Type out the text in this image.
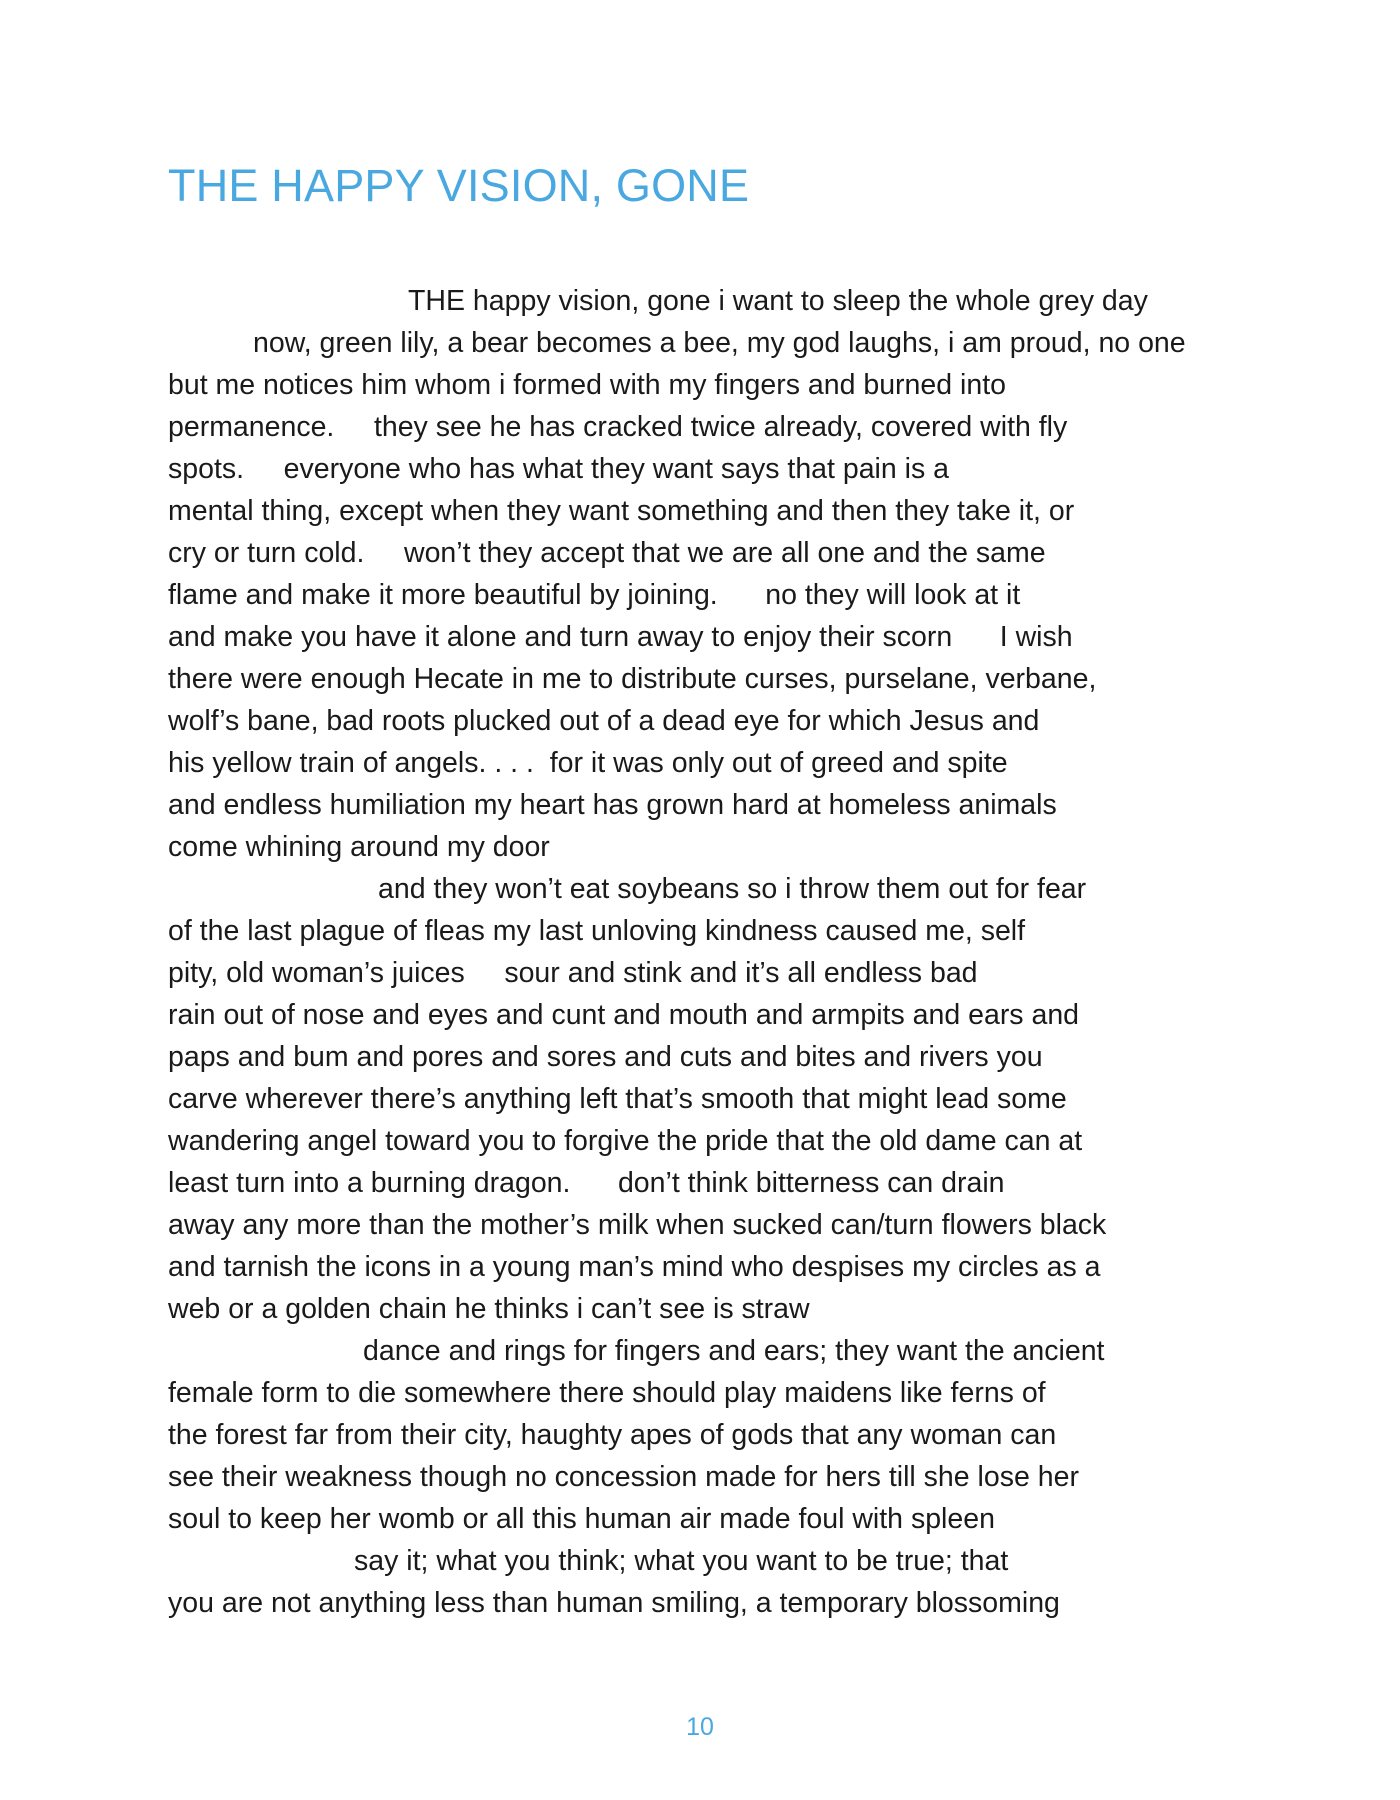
THE HAPPY VISION, GONE
THE happy vision, gone i want to sleep the whole grey day
now, green lily, a bear becomes a bee, my god laughs, i am proud, no one
but me notices him whom i formed with my fingers and burned into
permanence.     they see he has cracked twice already, covered with fly
spots.     everyone who has what they want says that pain is a
mental thing, except when they want something and then they take it, or
cry or turn cold.     won’t they accept that we are all one and the same
flame and make it more beautiful by joining.      no they will look at it
and make you have it alone and turn away to enjoy their scorn      I wish
there were enough Hecate in me to distribute curses, purselane, verbane,
wolf’s bane, bad roots plucked out of a dead eye for which Jesus and
his yellow train of angels. . . .  for it was only out of greed and spite
and endless humiliation my heart has grown hard at homeless animals
come whining around my door
and they won’t eat soybeans so i throw them out for fear
of the last plague of fleas my last unloving kindness caused me, self
pity, old woman’s juices     sour and stink and it’s all endless bad
rain out of nose and eyes and cunt and mouth and armpits and ears and
paps and bum and pores and sores and cuts and bites and rivers you
carve wherever there’s anything left that’s smooth that might lead some
wandering angel toward you to forgive the pride that the old dame can at
least turn into a burning dragon.      don’t think bitterness can drain
away any more than the mother’s milk when sucked can/turn flowers black
and tarnish the icons in a young man’s mind who despises my circles as a
web or a golden chain he thinks i can’t see is straw
dance and rings for fingers and ears; they want the ancient
female form to die somewhere there should play maidens like ferns of
the forest far from their city, haughty apes of gods that any woman can
see their weakness though no concession made for hers till she lose her
soul to keep her womb or all this human air made foul with spleen
say it; what you think; what you want to be true; that
you are not anything less than human smiling, a temporary blossoming
10
